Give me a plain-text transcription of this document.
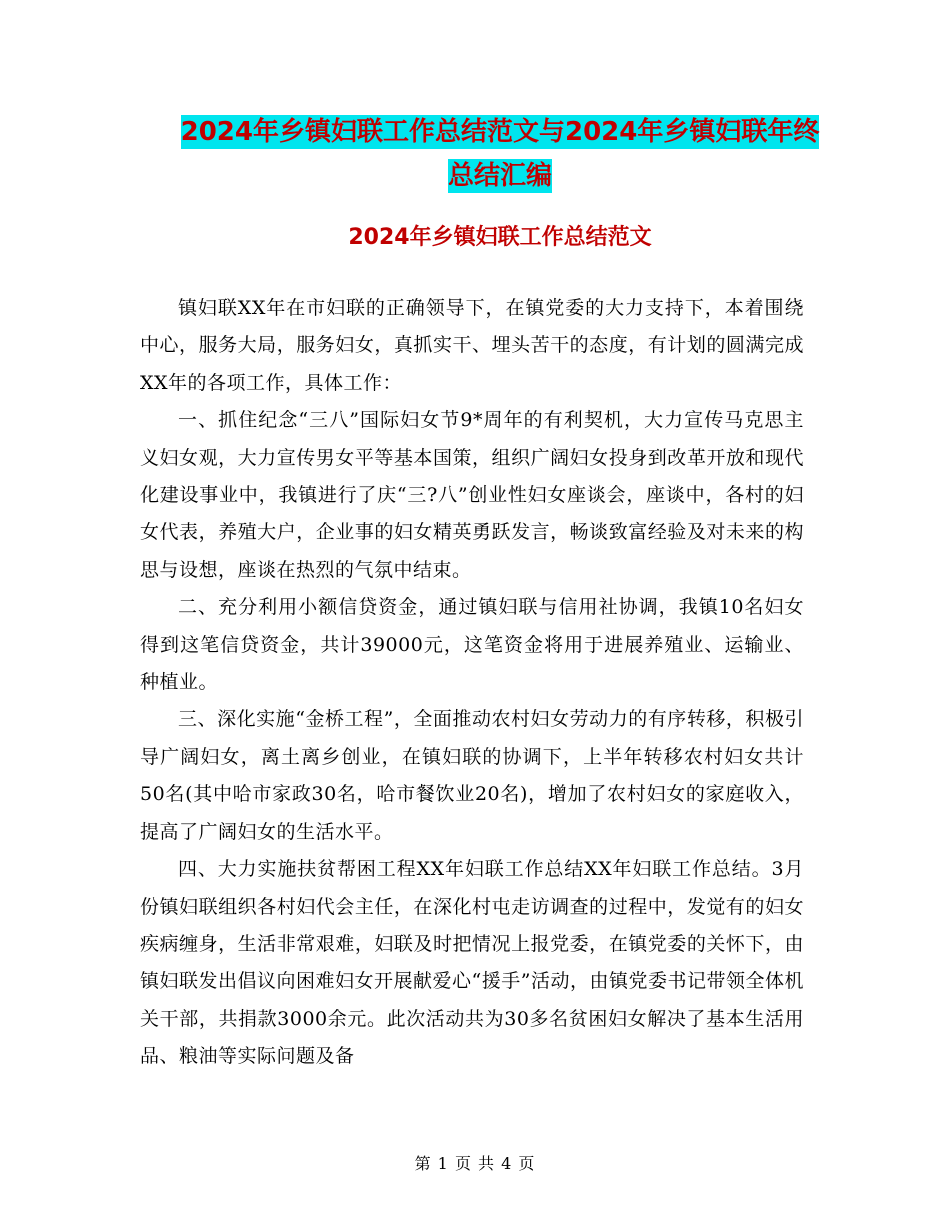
2024年乡镇妇联工作总结范文与2024年乡镇妇联年终
总结汇编
2024年乡镇妇联工作总结范文

镇妇联XX年在市妇联的正确领导下，在镇党委的大力支持下，本着围绕中心，服务大局，服务妇女，真抓实干、埋头苦干的态度，有计划的圆满完成XX年的各项工作，具体工作：

一、抓住纪念“三八”国际妇女节9*周年的有利契机，大力宣传马克思主义妇女观，大力宣传男女平等基本国策，组织广阔妇女投身到改革开放和现代化建设事业中，我镇进行了庆“三?八”创业性妇女座谈会，座谈中，各村的妇女代表，养殖大户，企业事的妇女精英勇跃发言，畅谈致富经验及对未来的构思与设想，座谈在热烈的气氛中结束。

二、充分利用小额信贷资金，通过镇妇联与信用社协调，我镇10名妇女得到这笔信贷资金，共计39000元，这笔资金将用于进展养殖业、运输业、种植业。

三、深化实施“金桥工程”，全面推动农村妇女劳动力的有序转移，积极引导广阔妇女，离土离乡创业，在镇妇联的协调下，上半年转移农村妇女共计50名(其中哈市家政30名，哈市餐饮业20名)，增加了农村妇女的家庭收入，提高了广阔妇女的生活水平。

四、大力实施扶贫帮困工程XX年妇联工作总结XX年妇联工作总结。3月份镇妇联组织各村妇代会主任，在深化村屯走访调查的过程中，发觉有的妇女疾病缠身，生活非常艰难，妇联及时把情况上报党委，在镇党委的关怀下，由镇妇联发出倡议向困难妇女开展献爱心“援手”活动，由镇党委书记带领全体机关干部，共捐款3000余元。此次活动共为30多名贫困妇女解决了基本生活用品、粮油等实际问题及备

第 1 页 共 4 页
